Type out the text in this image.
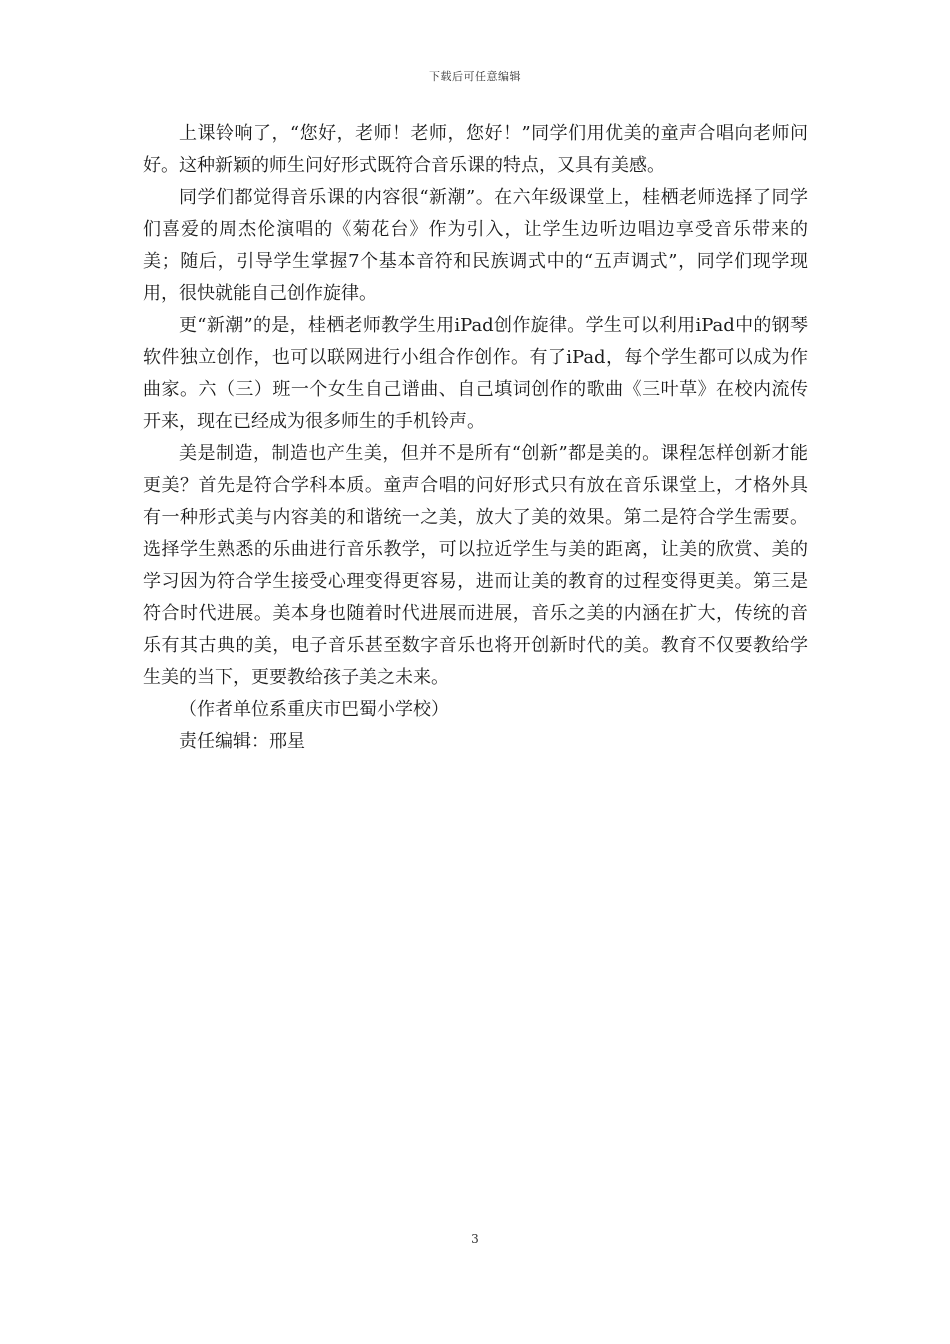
下载后可任意编辑

上课铃响了，“您好，老师！老师，您好！”同学们用优美的童声合唱向老师问好。这种新颖的师生问好形式既符合音乐课的特点，又具有美感。

同学们都觉得音乐课的内容很“新潮”。在六年级课堂上，桂栖老师选择了同学们喜爱的周杰伦演唱的《菊花台》作为引入，让学生边听边唱边享受音乐带来的美；随后，引导学生掌握7个基本音符和民族调式中的“五声调式”，同学们现学现用，很快就能自己创作旋律。

更“新潮”的是，桂栖老师教学生用iPad创作旋律。学生可以利用iPad中的钢琴软件独立创作，也可以联网进行小组合作创作。有了iPad，每个学生都可以成为作曲家。六（三）班一个女生自己谱曲、自己填词创作的歌曲《三叶草》在校内流传开来，现在已经成为很多师生的手机铃声。

美是制造，制造也产生美，但并不是所有“创新”都是美的。课程怎样创新才能更美？首先是符合学科本质。童声合唱的问好形式只有放在音乐课堂上，才格外具有一种形式美与内容美的和谐统一之美，放大了美的效果。第二是符合学生需要。选择学生熟悉的乐曲进行音乐教学，可以拉近学生与美的距离，让美的欣赏、美的学习因为符合学生接受心理变得更容易，进而让美的教育的过程变得更美。第三是符合时代进展。美本身也随着时代进展而进展，音乐之美的内涵在扩大，传统的音乐有其古典的美，电子音乐甚至数字音乐也将开创新时代的美。教育不仅要教给学生美的当下，更要教给孩子美之未来。

（作者单位系重庆市巴蜀小学校）

责任编辑：邢星

3
